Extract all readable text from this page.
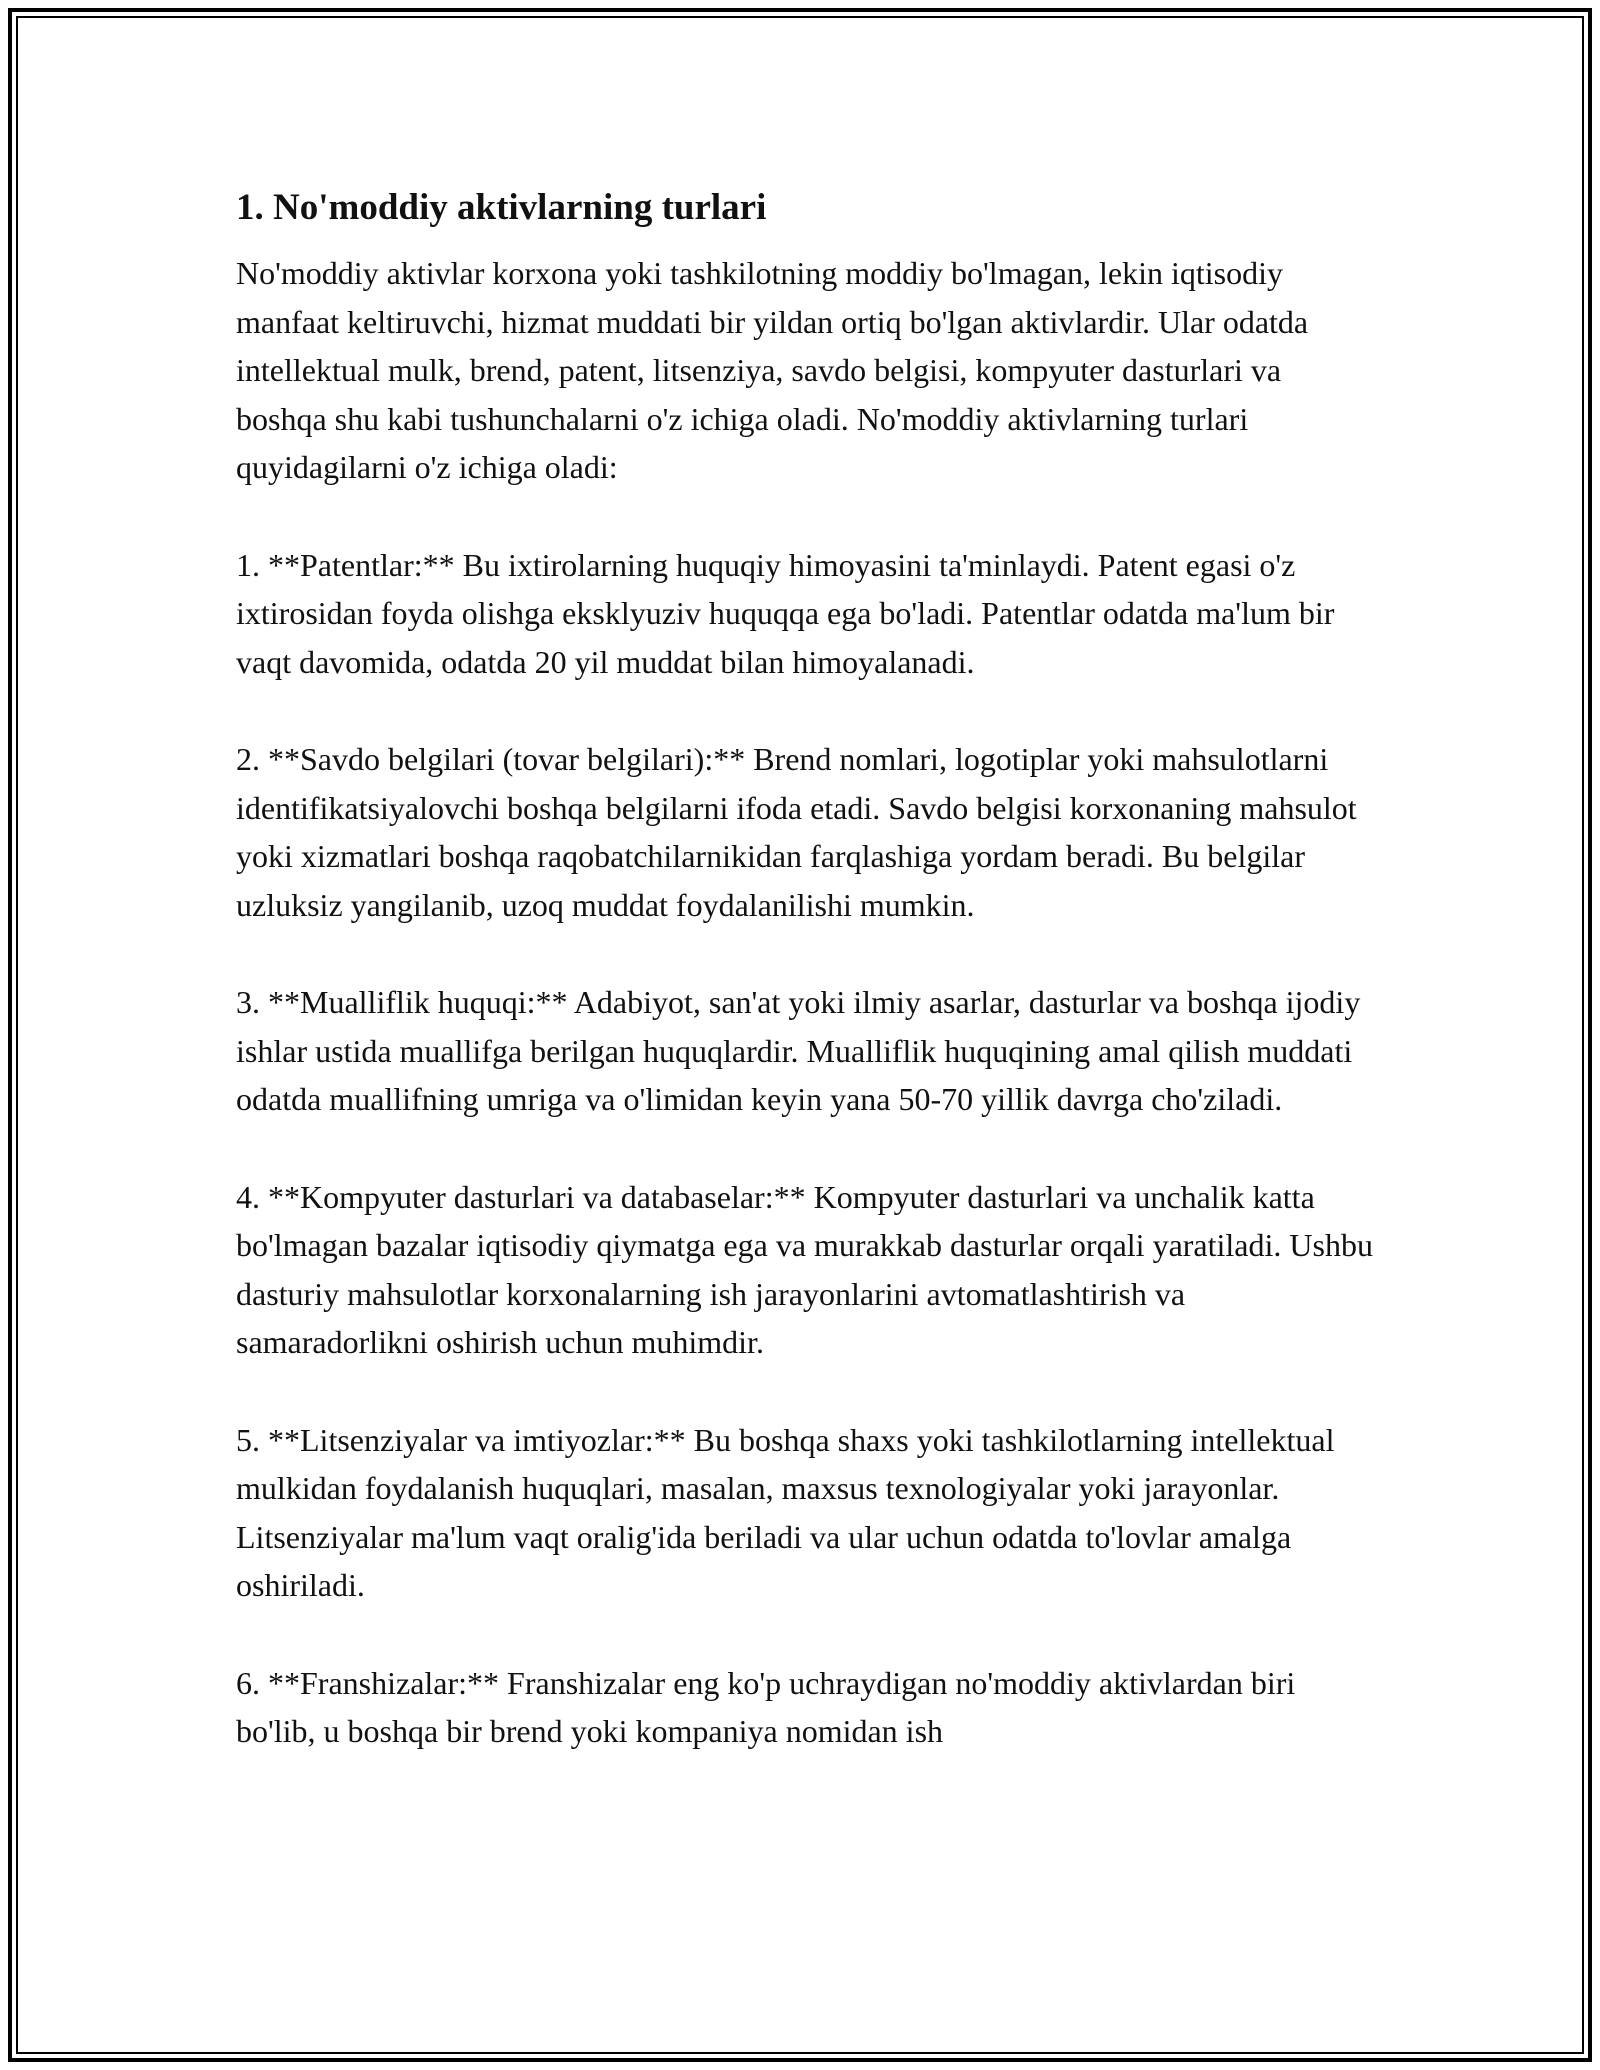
1. No'moddiy aktivlarning turlari

No'moddiy aktivlar korxona yoki tashkilotning moddiy bo'lmagan, lekin iqtisodiy manfaat keltiruvchi, hizmat muddati bir yildan ortiq bo'lgan aktivlardir. Ular odatda intellektual mulk, brend, patent, litsenziya, savdo belgisi, kompyuter dasturlari va boshqa shu kabi tushunchalarni o'z ichiga oladi. No'moddiy aktivlarning turlari quyidagilarni o'z ichiga oladi:

1. **Patentlar:** Bu ixtirolarning huquqiy himoyasini ta'minlaydi. Patent egasi o'z ixtirosidan foyda olishga eksklyuziv huquqqa ega bo'ladi. Patentlar odatda ma'lum bir vaqt davomida, odatda 20 yil muddat bilan himoyalanadi.

2. **Savdo belgilari (tovar belgilari):** Brend nomlari, logotiplar yoki mahsulotlarni identifikatsiyalovchi boshqa belgilarni ifoda etadi. Savdo belgisi korxonaning mahsulot yoki xizmatlari boshqa raqobatchilarnikidan farqlashiga yordam beradi. Bu belgilar uzluksiz yangilanib, uzoq muddat foydalanilishi mumkin.

3. **Mualliflik huquqi:** Adabiyot, san'at yoki ilmiy asarlar, dasturlar va boshqa ijodiy ishlar ustida muallifga berilgan huquqlardir. Mualliflik huquqining amal qilish muddati odatda muallifning umriga va o'limidan keyin yana 50-70 yillik davrga cho'ziladi.

4. **Kompyuter dasturlari va databaselar:** Kompyuter dasturlari va unchalik katta bo'lmagan bazalar iqtisodiy qiymatga ega va murakkab dasturlar orqali yaratiladi. Ushbu dasturiy mahsulotlar korxonalarning ish jarayonlarini avtomatlashtirish va samaradorlikni oshirish uchun muhimdir.

5. **Litsenziyalar va imtiyozlar:** Bu boshqa shaxs yoki tashkilotlarning intellektual mulkidan foydalanish huquqlari, masalan, maxsus texnologiyalar yoki jarayonlar. Litsenziyalar ma'lum vaqt oralig'ida beriladi va ular uchun odatda to'lovlar amalga oshiriladi.

6. **Franshizalar:** Franshizalar eng ko'p uchraydigan no'moddiy aktivlardan biri bo'lib, u boshqa bir brend yoki kompaniya nomidan ish
